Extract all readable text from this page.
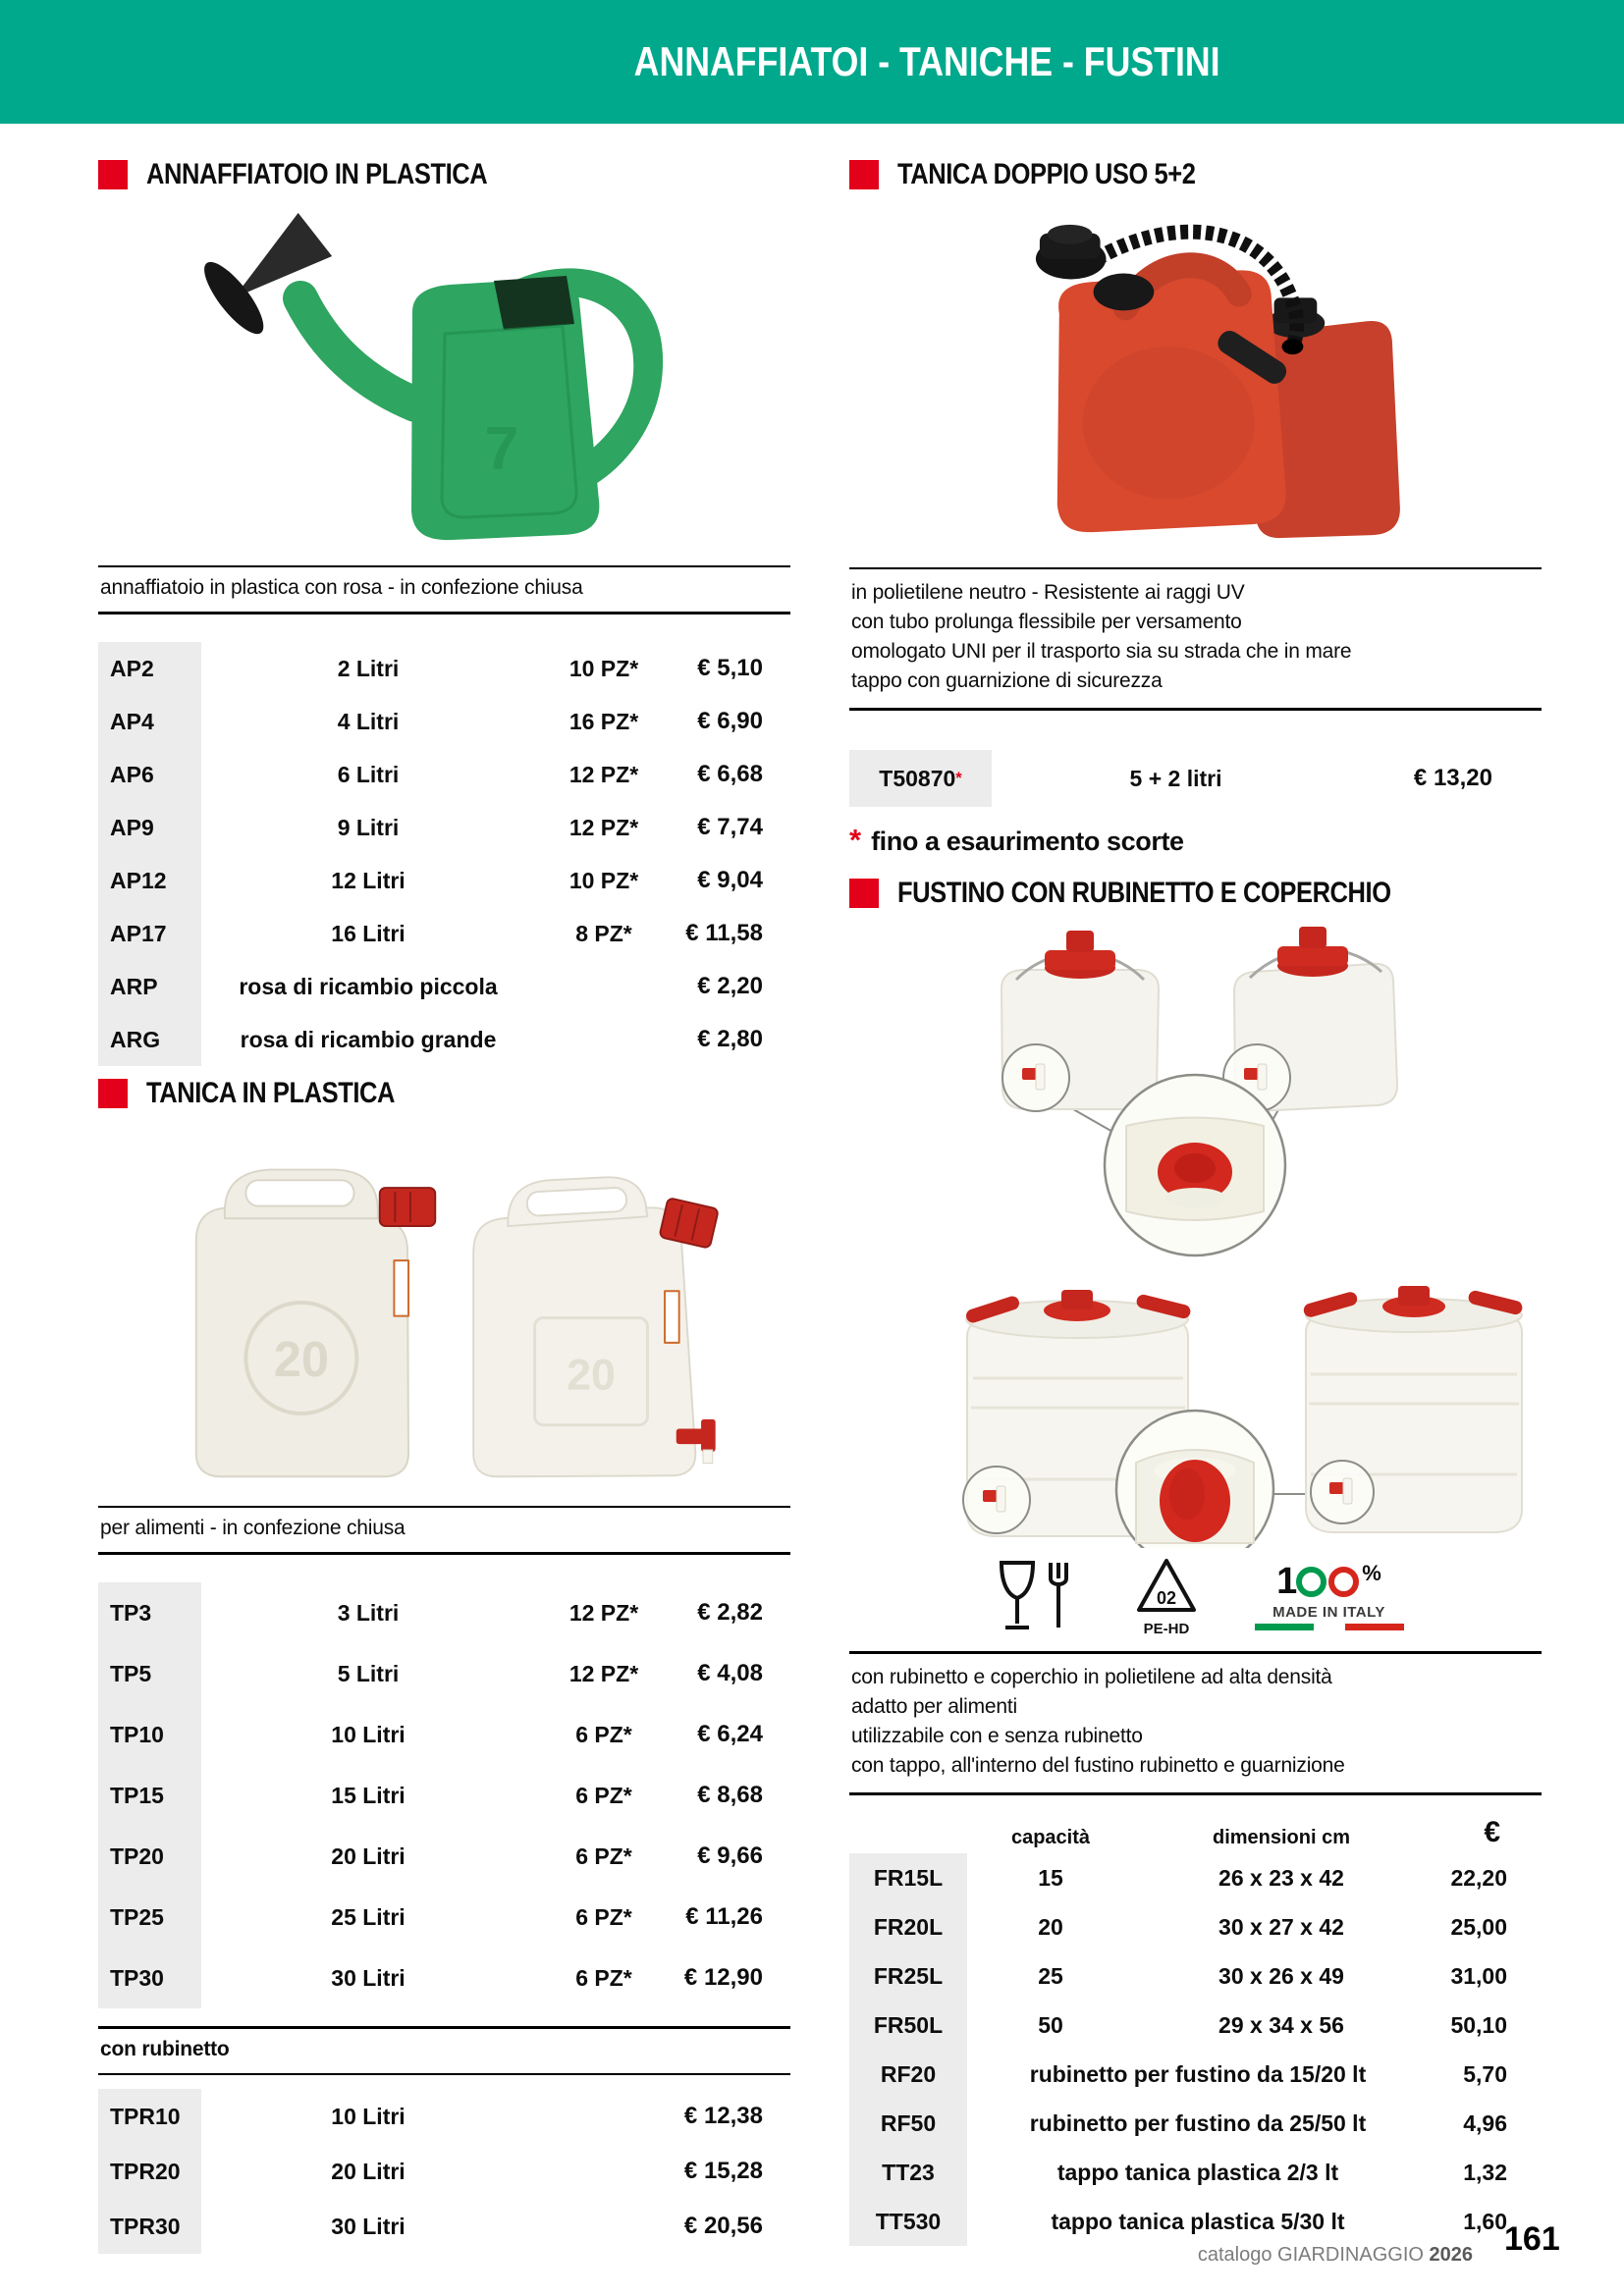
ANNAFFIATOI - TANICHE - FUSTINI
ANNAFFIATOIO IN PLASTICA
7
annaffiatoio in plastica con rosa - in confezione chiusa
AP2	2 Litri	10 PZ*	€ 5,10
AP4	4 Litri	16 PZ*	€ 6,90
AP6	6 Litri	12 PZ*	€ 6,68
AP9	9 Litri	12 PZ*	€ 7,74
AP12	12 Litri	10 PZ*	€ 9,04
AP17	16 Litri	8 PZ*	€ 11,58
ARP	rosa di ricambio piccola	€ 2,20
ARG	rosa di ricambio grande	€ 2,80
TANICA IN PLASTICA
20	20
per alimenti - in confezione chiusa
TP3	3 Litri	12 PZ*	€ 2,82
TP5	5 Litri	12 PZ*	€ 4,08
TP10	10 Litri	6 PZ*	€ 6,24
TP15	15 Litri	6 PZ*	€ 8,68
TP20	20 Litri	6 PZ*	€ 9,66
TP25	25 Litri	6 PZ*	€ 11,26
TP30	30 Litri	6 PZ*	€ 12,90
con rubinetto
TPR10	10 Litri	€ 12,38
TPR20	20 Litri	€ 15,28
TPR30	30 Litri	€ 20,56
TANICA DOPPIO USO 5+2
in polietilene neutro - Resistente ai raggi UV
con tubo prolunga flessibile per versamento
omologato UNI per il trasporto sia su strada che in mare
tappo con guarnizione di sicurezza
T50870 *	5 + 2 litri	€ 13,20
* fino a esaurimento scorte
FUSTINO CON RUBINETTO E COPERCHIO
02
PE-HD
1	%
MADE IN ITALY
con rubinetto e coperchio in polietilene ad alta densità
adatto per alimenti
utilizzabile con e senza rubinetto
con tappo, all'interno del fustino rubinetto e guarnizione
capacità	dimensioni cm	€
FR15L	15	26 x 23 x 42	22,20
FR20L	20	30 x 27 x 42	25,00
FR25L	25	30 x 26 x 49	31,00
FR50L	50	29 x 34 x 56	50,10
RF20	rubinetto per fustino da 15/20 lt	5,70
RF50	rubinetto per fustino da 25/50 lt	4,96
TT23	tappo tanica plastica 2/3 lt	1,32
TT530	tappo tanica plastica 5/30 lt	1,60
catalogo GIARDINAGGIO 2026 161
